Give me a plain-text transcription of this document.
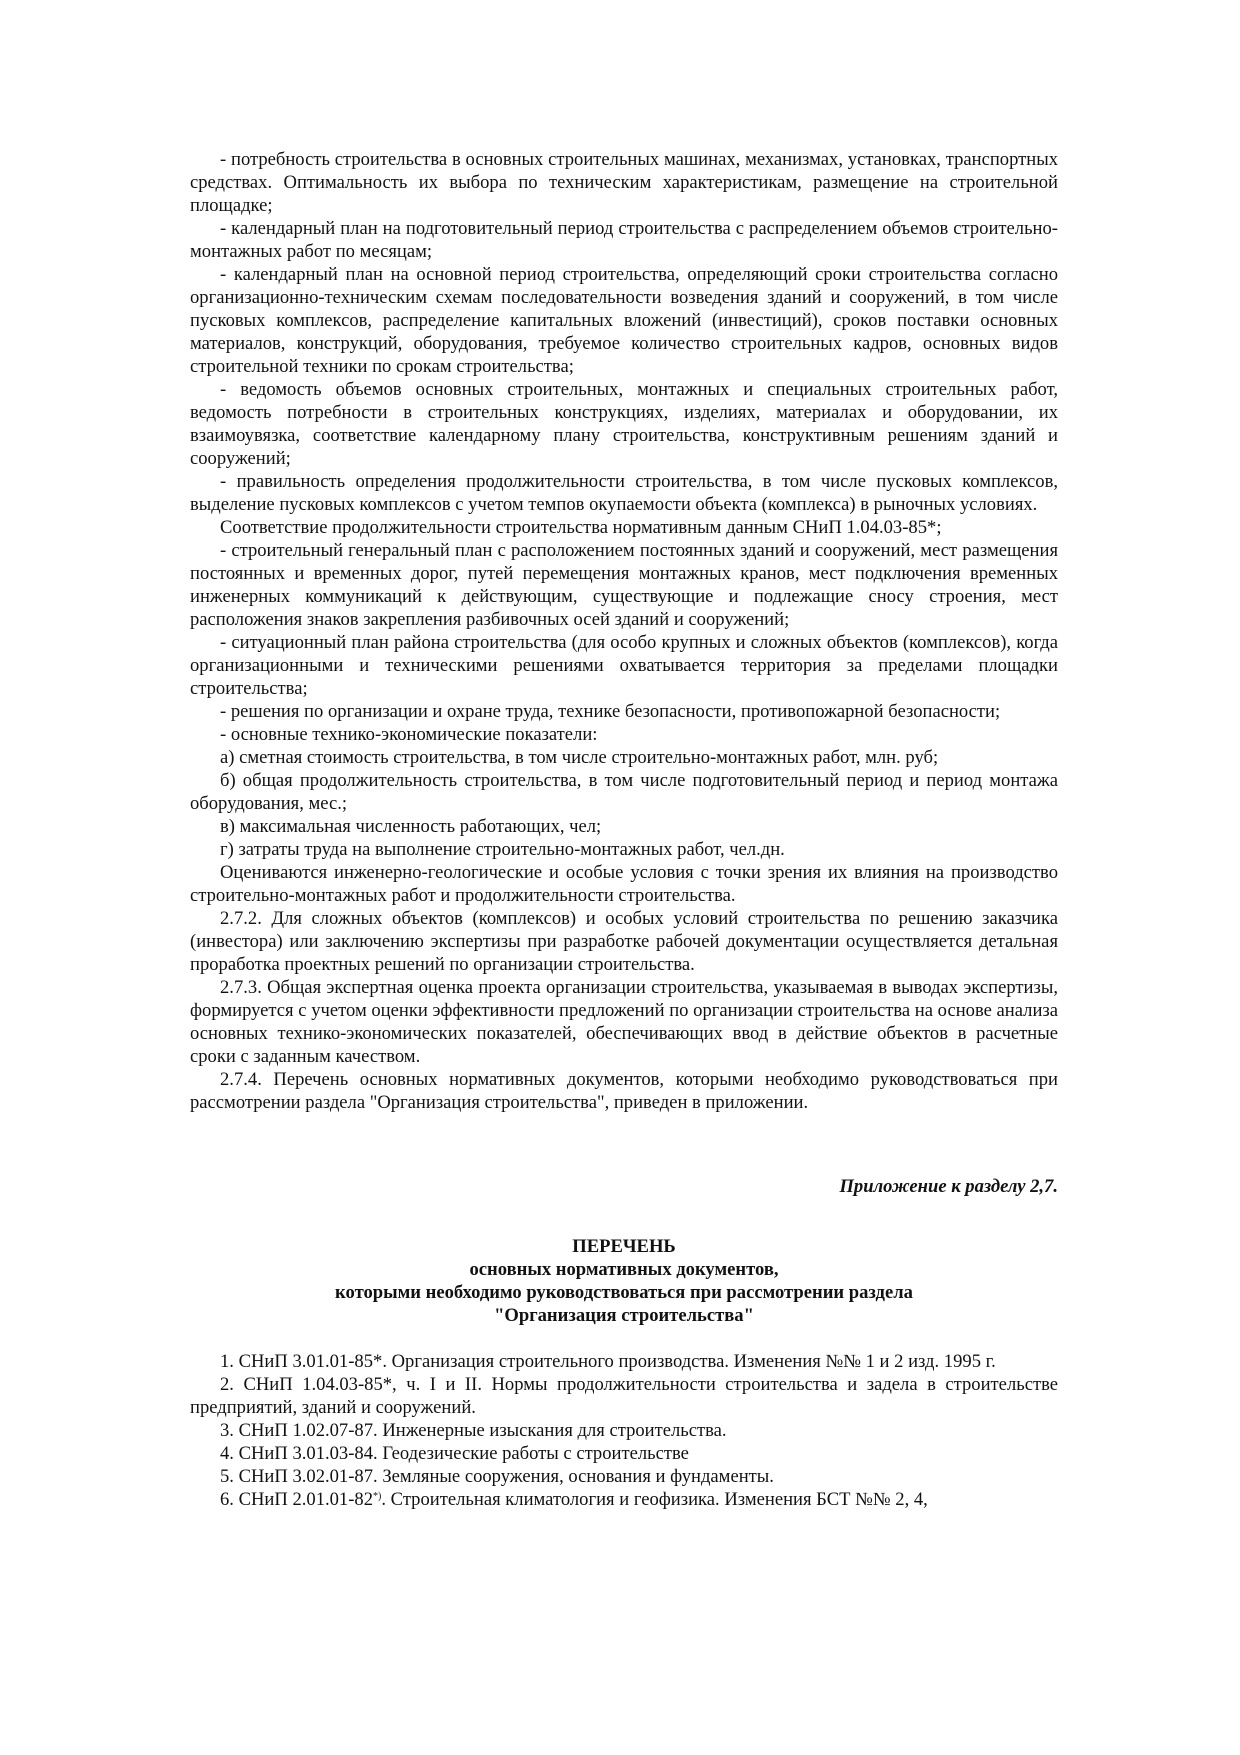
- потребность строительства в основных строительных машинах, механизмах, установках, транспортных средствах. Оптимальность их выбора по техническим характеристикам, размещение на строительной площадке;

- календарный план на подготовительный период строительства с распределением объемов строительно-монтажных работ по месяцам;

- календарный план на основной период строительства, определяющий сроки строительства согласно организационно-техническим схемам последовательности возведения зданий и сооружений, в том числе пусковых комплексов, распределение капитальных вложений (инвестиций), сроков поставки основных материалов, конструкций, оборудования, требуемое количество строительных кадров, основных видов строительной техники по срокам строительства;

- ведомость объемов основных строительных, монтажных и специальных строительных работ, ведомость потребности в строительных конструкциях, изделиях, материалах и оборудовании, их взаимоувязка, соответствие календарному плану строительства, конструктивным решениям зданий и сооружений;

- правильность определения продолжительности строительства, в том числе пусковых комплексов, выделение пусковых комплексов с учетом темпов окупаемости объекта (комплекса) в рыночных условиях.

Соответствие продолжительности строительства нормативным данным СНиП 1.04.03-85*;

- строительный генеральный план с расположением постоянных зданий и сооружений, мест размещения постоянных и временных дорог, путей перемещения монтажных кранов, мест подключения временных инженерных коммуникаций к действующим, существующие и подлежащие сносу строения, мест расположения знаков закрепления разбивочных осей зданий и сооружений;

- ситуационный план района строительства (для особо крупных и сложных объектов (комплексов), когда организационными и техническими решениями охватывается территория за пределами площадки строительства;

- решения по организации и охране труда, технике безопасности, противопожарной безопасности;

- основные технико-экономические показатели:

а) сметная стоимость строительства, в том числе строительно-монтажных работ, млн. руб;

б) общая продолжительность строительства, в том числе подготовительный период и период монтажа оборудования, мес.;

в) максимальная численность работающих, чел;

г) затраты труда на выполнение строительно-монтажных работ, чел.дн.

Оцениваются инженерно-геологические и особые условия с точки зрения их влияния на производство строительно-монтажных работ и продолжительности строительства.

2.7.2. Для сложных объектов (комплексов) и особых условий строительства по решению заказчика (инвестора) или заключению экспертизы при разработке рабочей документации осуществляется детальная проработка проектных решений по организации строительства.

2.7.3. Общая экспертная оценка проекта организации строительства, указываемая в выводах экспертизы, формируется с учетом оценки эффективности предложений по организации строительства на основе анализа основных технико-экономических показателей, обеспечивающих ввод в действие объектов в расчетные сроки с заданным качеством.

2.7.4. Перечень основных нормативных документов, которыми необходимо руководствоваться при рассмотрении раздела "Организация строительства", приведен в приложении.

Приложение к разделу 2,7.

ПЕРЕЧЕНЬ
основных нормативных документов,
которыми необходимо руководствоваться при рассмотрении раздела
"Организация строительства"

1. СНиП 3.01.01-85*. Организация строительного производства. Изменения №№ 1 и 2 изд. 1995 г.

2. СНиП 1.04.03-85*, ч. I и II. Нормы продолжительности строительства и задела в строительстве предприятий, зданий и сооружений.

3. СНиП 1.02.07-87. Инженерные изыскания для строительства.

4. СНиП 3.01.03-84. Геодезические работы с строительстве

5. СНиП 3.02.01-87. Земляные сооружения, основания и фундаменты.

6. СНиП 2.01.01-82*). Строительная климатология и геофизика. Изменения БСТ №№ 2, 4,
